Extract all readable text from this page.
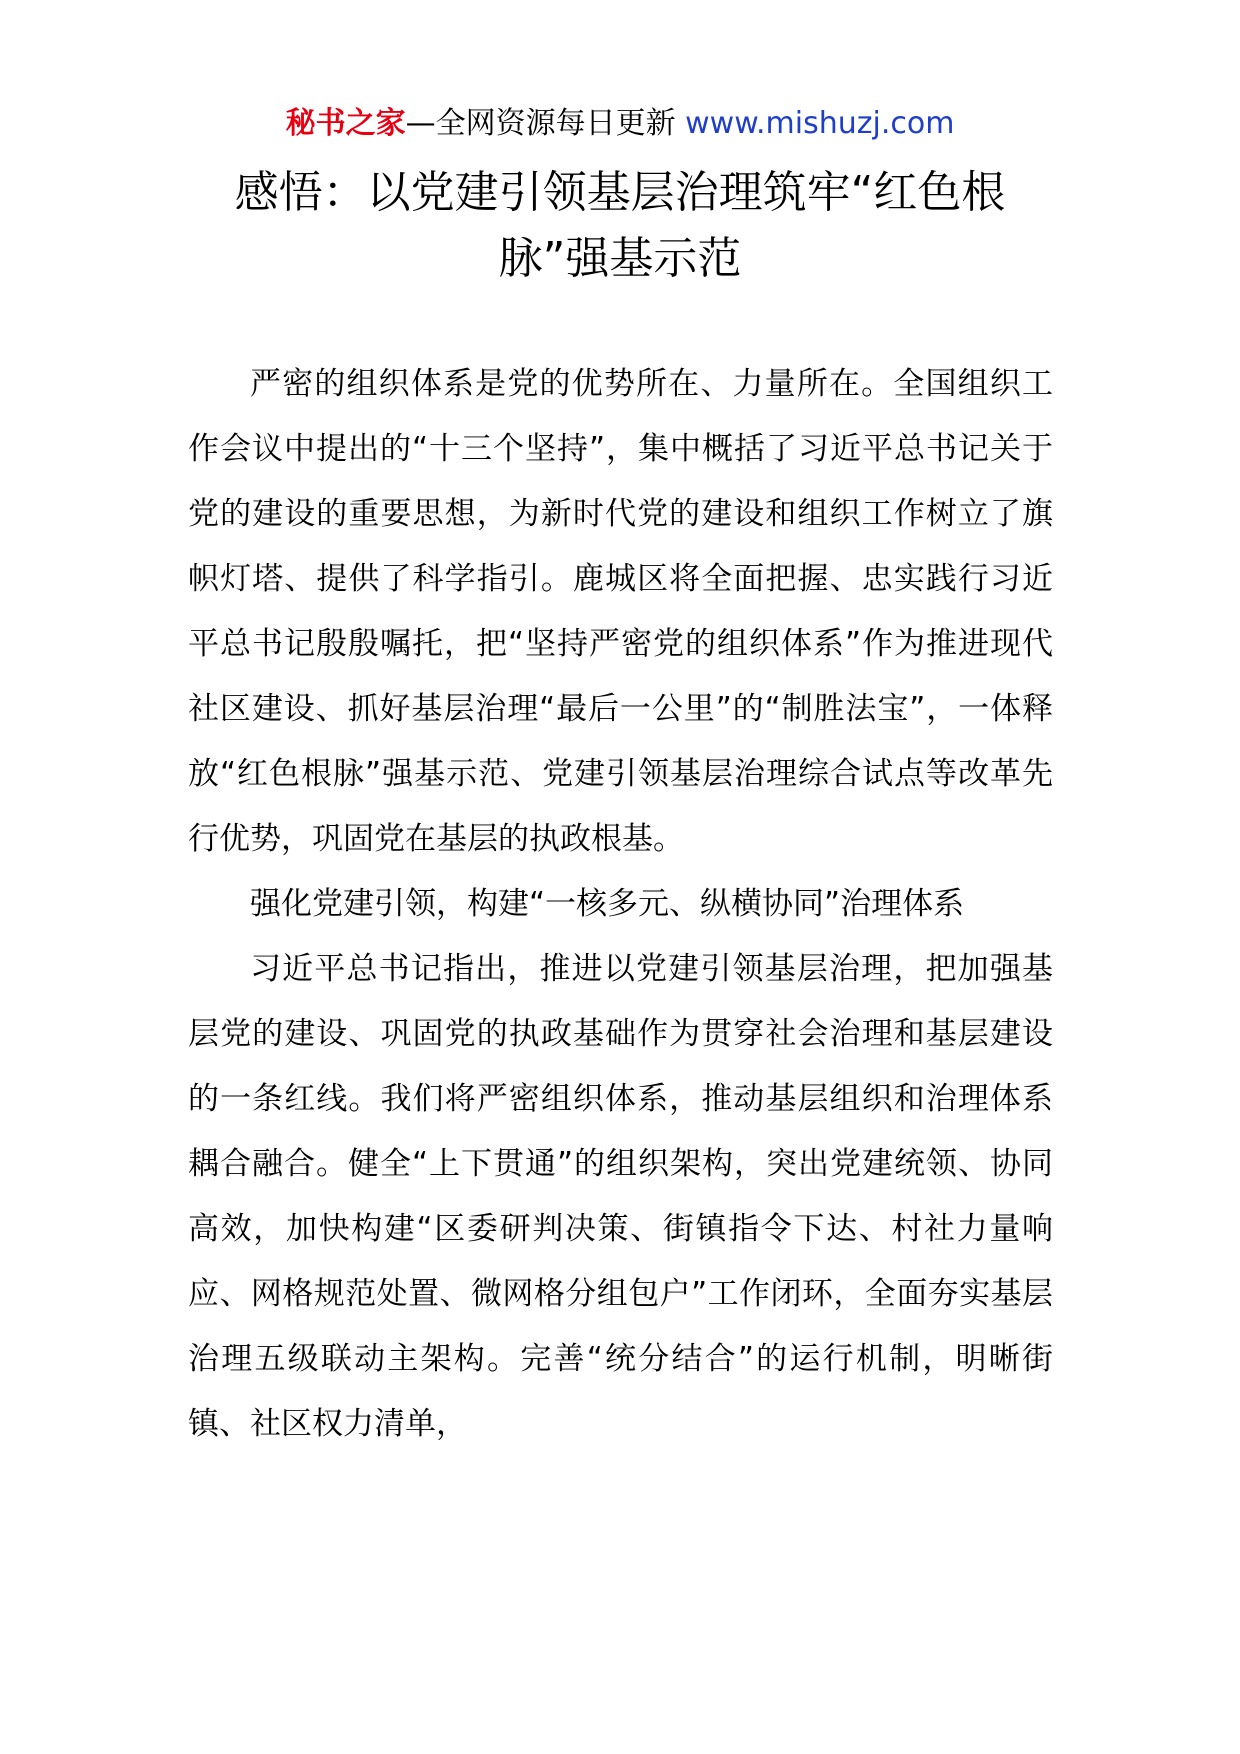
秘书之家—全网资源每日更新 www.mishuzj.com
感悟：以党建引领基层治理筑牢“红色根脉”强基示范

严密的组织体系是党的优势所在、力量所在。全国组织工作会议中提出的“十三个坚持”，集中概括了习近平总书记关于党的建设的重要思想，为新时代党的建设和组织工作树立了旗帜灯塔、提供了科学指引。鹿城区将全面把握、忠实践行习近平总书记殷殷嘱托，把“坚持严密党的组织体系”作为推进现代社区建设、抓好基层治理“最后一公里”的“制胜法宝”，一体释放“红色根脉”强基示范、党建引领基层治理综合试点等改革先行优势，巩固党在基层的执政根基。

强化党建引领，构建“一核多元、纵横协同”治理体系

习近平总书记指出，推进以党建引领基层治理，把加强基层党的建设、巩固党的执政基础作为贯穿社会治理和基层建设的一条红线。我们将严密组织体系，推动基层组织和治理体系耦合融合。健全“上下贯通”的组织架构，突出党建统领、协同高效，加快构建“区委研判决策、街镇指令下达、村社力量响应、网格规范处置、微网格分组包户”工作闭环，全面夯实基层治理五级联动主架构。完善“统分结合”的运行机制，明晰街镇、社区权力清单，
